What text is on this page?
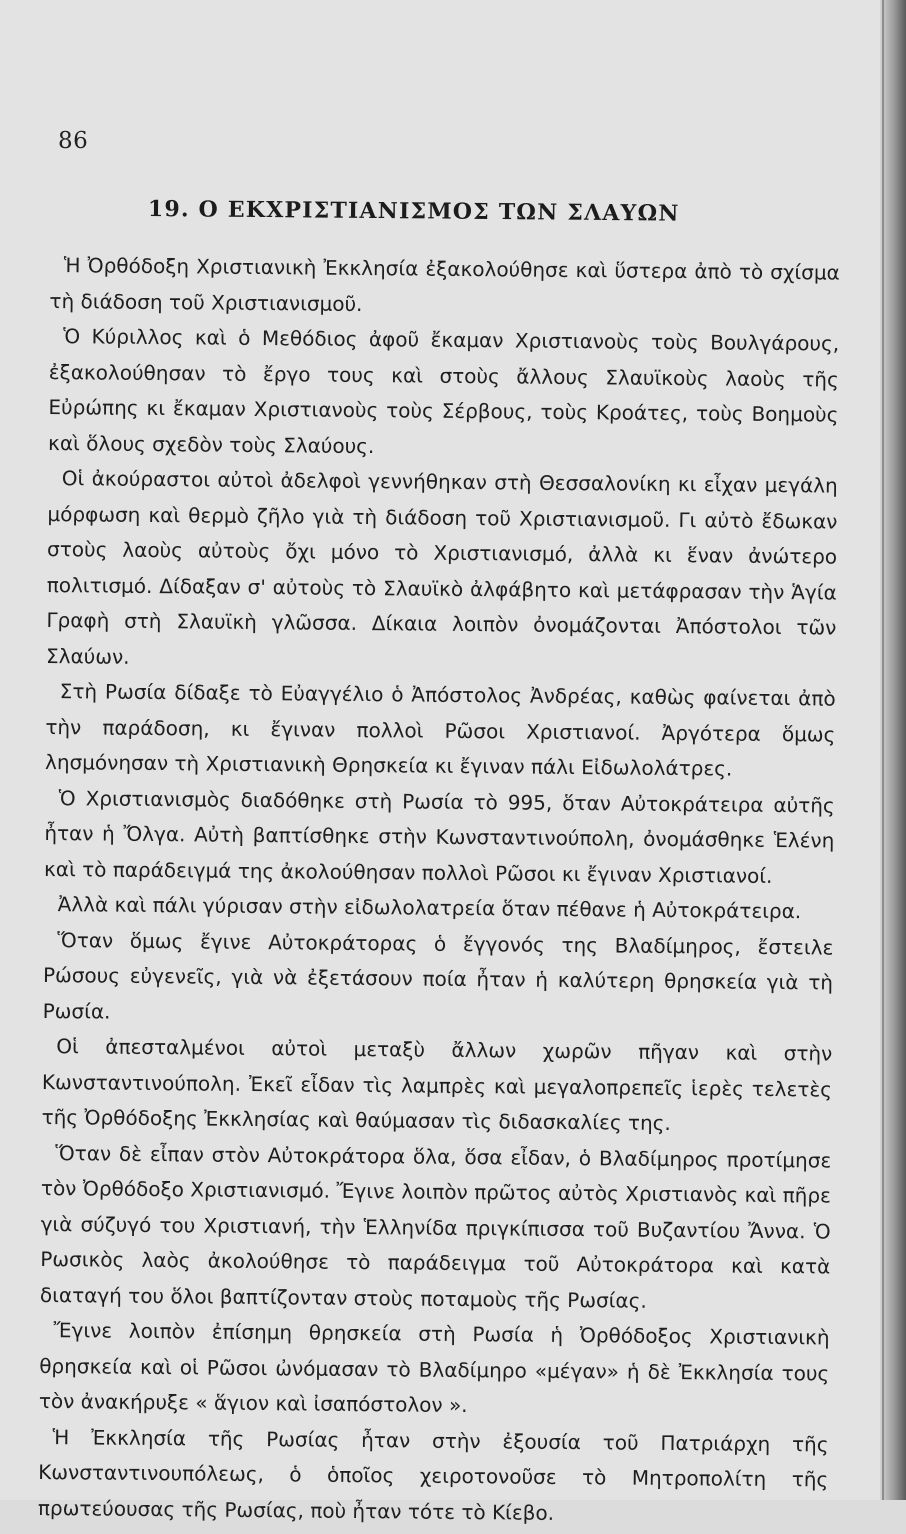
86
19. Ο ΕΚΧΡΙΣΤΙΑΝΙΣΜΟΣ ΤΩΝ ΣΛΑΥΩΝ

Ἡ Ὀρθόδοξη Χριστιανικὴ Ἐκκλησία ἐξακολούθησε καὶ ὕστερα ἀπὸ τὸ σχίσμα τὴ διάδοση τοῦ Χριστιανισμοῦ.

Ὁ Κύριλλος καὶ ὁ Μεθόδιος ἀφοῦ ἔκαμαν Χριστιανοὺς τοὺς Βουλγάρους, ἐξακολούθησαν τὸ ἔργο τους καὶ στοὺς ἄλλους Σλαυϊκοὺς λαοὺς τῆς Εὐρώπης κι ἔκαμαν Χριστιανοὺς τοὺς Σέρβους, τοὺς Κροάτες, τοὺς Βοημοὺς καὶ ὅλους σχεδὸν τοὺς Σλαύους.

Οἱ ἀκούραστοι αὐτοὶ ἀδελφοὶ γεννήθηκαν στὴ Θεσσαλονίκη κι εἶχαν μεγάλη μόρφωση καὶ θερμὸ ζῆλο γιὰ τὴ διάδοση τοῦ Χριστιανισμοῦ. Γι αὐτὸ ἔδωκαν στοὺς λαοὺς αὐτοὺς ὄχι μόνο τὸ Χριστιανισμό, ἀλλὰ κι ἕναν ἀνώτερο πολιτισμό. Δίδαξαν σ' αὐτοὺς τὸ Σλαυϊκὸ ἀλφάβητο καὶ μετάφρασαν τὴν Ἁγία Γραφὴ στὴ Σλαυϊκὴ γλῶσσα. Δίκαια λοιπὸν ὀνομάζονται Ἀπόστολοι τῶν Σλαύων.

Στὴ Ρωσία δίδαξε τὸ Εὐαγγέλιο ὁ Ἀπόστολος Ἀνδρέας, καθὼς φαίνεται ἀπὸ τὴν παράδοση, κι ἔγιναν πολλοὶ Ρῶσοι Χριστιανοί. Ἀργότερα ὅμως λησμόνησαν τὴ Χριστιανικὴ Θρησκεία κι ἔγιναν πάλι Εἰδωλολάτρες.

Ὁ Χριστιανισμὸς διαδόθηκε στὴ Ρωσία τὸ 995, ὅταν Αὐτοκράτειρα αὐτῆς ἦταν ἡ Ὄλγα. Αὐτὴ βαπτίσθηκε στὴν Κωνσταντινούπολη, ὀνομάσθηκε Ἑλένη καὶ τὸ παράδειγμά της ἀκολούθησαν πολλοὶ Ρῶσοι κι ἔγιναν Χριστιανοί.

Ἀλλὰ καὶ πάλι γύρισαν στὴν εἰδωλολατρεία ὅταν πέθανε ἡ Αὐτοκράτειρα.

Ὅταν ὅμως ἔγινε Αὐτοκράτορας ὁ ἔγγονός της Βλαδίμηρος, ἔστειλε Ρώσους εὐγενεῖς, γιὰ νὰ ἐξετάσουν ποία ἦταν ἡ καλύτερη θρησκεία γιὰ τὴ Ρωσία.

Οἱ ἀπεσταλμένοι αὐτοὶ μεταξὺ ἄλλων χωρῶν πῆγαν καὶ στὴν Κωνσταντινούπολη. Ἐκεῖ εἶδαν τὶς λαμπρὲς καὶ μεγαλοπρεπεῖς ἱερὲς τελετὲς τῆς Ὀρθόδοξης Ἐκκλησίας καὶ θαύμασαν τὶς διδασκαλίες της.

Ὅταν δὲ εἶπαν στὸν Αὐτοκράτορα ὅλα, ὅσα εἶδαν, ὁ Βλαδίμηρος προτίμησε τὸν Ὀρθόδοξο Χριστιανισμό. Ἔγινε λοιπὸν πρῶτος αὐτὸς Χριστιανὸς καὶ πῆρε γιὰ σύζυγό του Χριστιανή, τὴν Ἑλληνίδα πριγκίπισσα τοῦ Βυζαντίου Ἄννα. Ὁ Ρωσικὸς λαὸς ἀκολούθησε τὸ παράδειγμα τοῦ Αὐτοκράτορα καὶ κατὰ διαταγή του ὅλοι βαπτίζονταν στοὺς ποταμοὺς τῆς Ρωσίας.

Ἔγινε λοιπὸν ἐπίσημη θρησκεία στὴ Ρωσία ἡ Ὀρθόδοξος Χριστιανικὴ θρησκεία καὶ οἱ Ρῶσοι ὠνόμασαν τὸ Βλαδίμηρο «μέγαν» ἡ δὲ Ἐκκλησία τους τὸν ἀνακήρυξε « ἅγιον καὶ ἰσαπόστολον ».

Ἡ Ἐκκλησία τῆς Ρωσίας ἦταν στὴν ἐξουσία τοῦ Πατριάρχη τῆς Κωνσταντινουπόλεως, ὁ ὁποῖος χειροτονοῦσε τὸ Μητροπολίτη τῆς πρωτεύουσας τῆς Ρωσίας, ποὺ ἦταν τότε τὸ Κίεβο.
